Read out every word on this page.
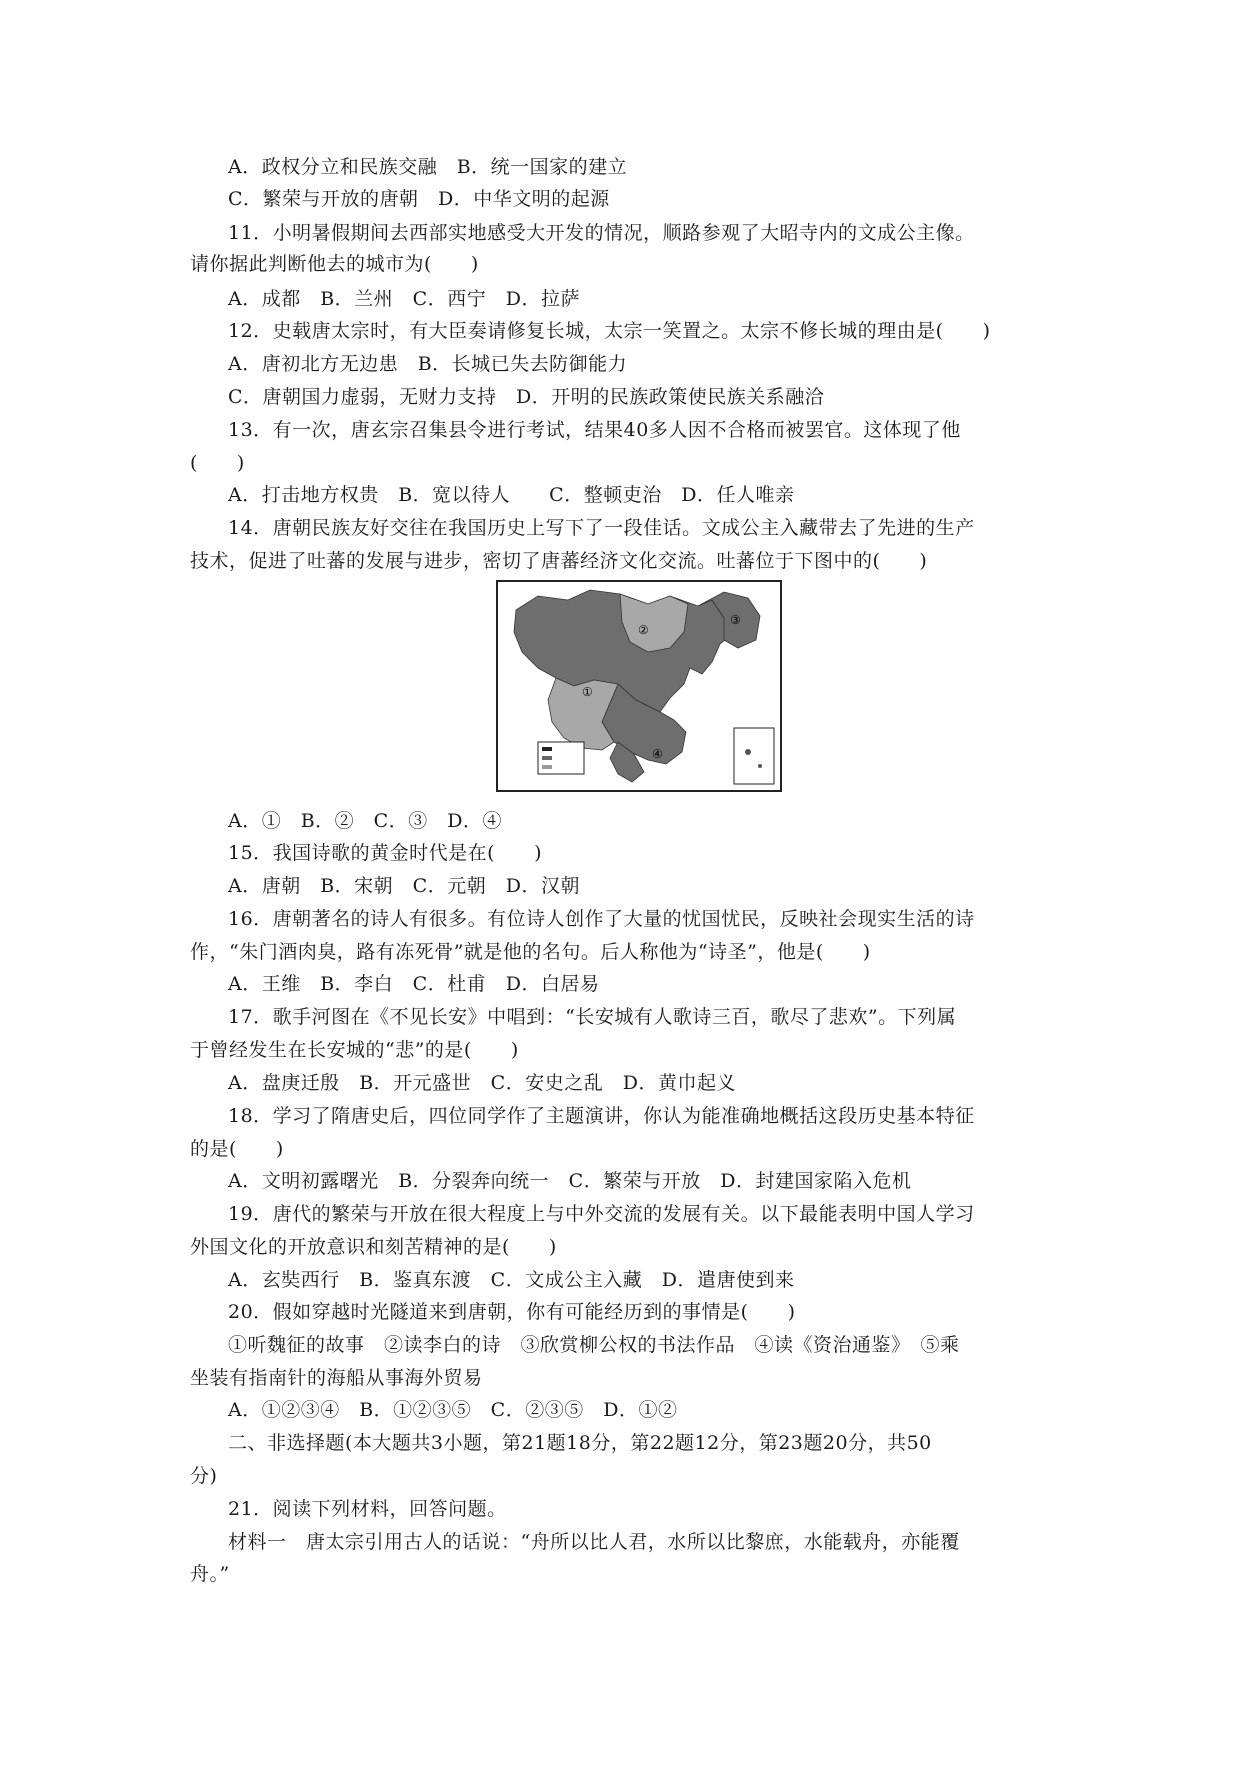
A．政权分立和民族交融　B．统一国家的建立
C．繁荣与开放的唐朝　D．中华文明的起源
11．小明暑假期间去西部实地感受大开发的情况，顺路参观了大昭寺内的文成公主像。
请你据此判断他去的城市为(　　)
A．成都　B．兰州　C．西宁　D．拉萨
12．史载唐太宗时，有大臣奏请修复长城，太宗一笑置之。太宗不修长城的理由是(　　)
A．唐初北方无边患　B．长城已失去防御能力
C．唐朝国力虚弱，无财力支持　D．开明的民族政策使民族关系融洽
13．有一次，唐玄宗召集县令进行考试，结果40多人因不合格而被罢官。这体现了他
(　　)
A．打击地方权贵　B．宽以待人　　C．整顿吏治　D．任人唯亲
14．唐朝民族友好交往在我国历史上写下了一段佳话。文成公主入藏带去了先进的生产
技术，促进了吐蕃的发展与进步，密切了唐蕃经济文化交流。吐蕃位于下图中的(　　)
①
②
③
④
A．①　B．②　C．③　D．④
15．我国诗歌的黄金时代是在(　　)
A．唐朝　B．宋朝　C．元朝　D．汉朝
16．唐朝著名的诗人有很多。有位诗人创作了大量的忧国忧民，反映社会现实生活的诗
作，“朱门酒肉臭，路有冻死骨”就是他的名句。后人称他为“诗圣”，他是(　　)
A．王维　B．李白　C．杜甫　D．白居易
17．歌手河图在《不见长安》中唱到：“长安城有人歌诗三百，歌尽了悲欢”。下列属
于曾经发生在长安城的“悲”的是(　　)
A．盘庚迁殷　B．开元盛世　C．安史之乱　D．黄巾起义
18．学习了隋唐史后，四位同学作了主题演讲，你认为能准确地概括这段历史基本特征
的是(　　)
A．文明初露曙光　B．分裂奔向统一　C．繁荣与开放　D．封建国家陷入危机
19．唐代的繁荣与开放在很大程度上与中外交流的发展有关。以下最能表明中国人学习
外国文化的开放意识和刻苦精神的是(　　)
A．玄奘西行　B．鉴真东渡　C．文成公主入藏　D．遣唐使到来
20．假如穿越时光隧道来到唐朝，你有可能经历到的事情是(　　)
①听魏征的故事　②读李白的诗　③欣赏柳公权的书法作品　④读《资治通鉴》　⑤乘
坐装有指南针的海船从事海外贸易
A．①②③④　B．①②③⑤　C．②③⑤　D．①②
二、非选择题(本大题共3小题，第21题18分，第22题12分，第23题20分，共50
分)
21．阅读下列材料，回答问题。
材料一　唐太宗引用古人的话说：“舟所以比人君，水所以比黎庶，水能载舟，亦能覆
舟。”
